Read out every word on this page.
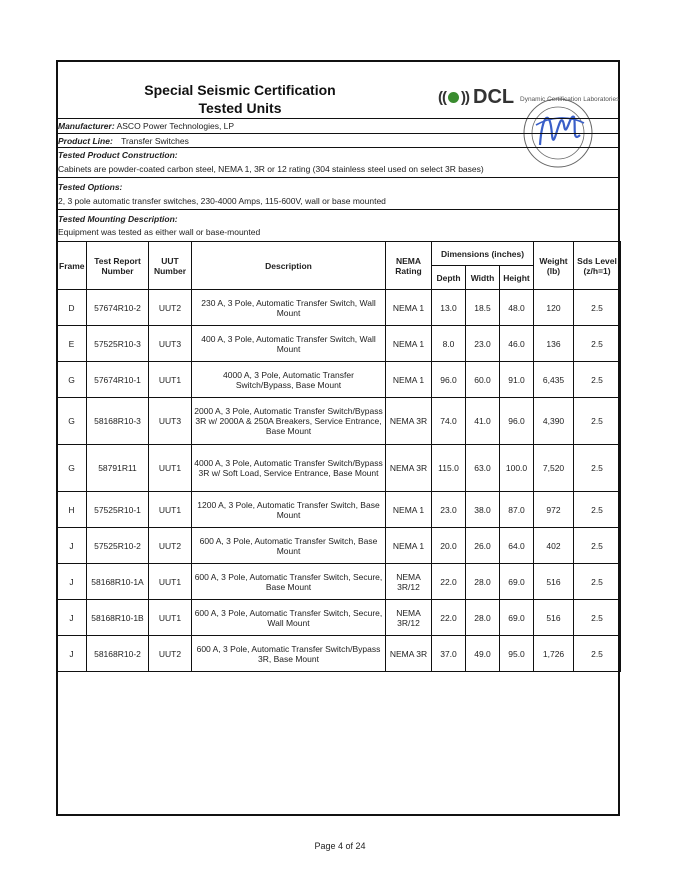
Special Seismic Certification
Tested Units
(( )) DCL Dynamic Certification Laboratories
Manufacturer: ASCO Power Technologies, LP
Product Line: Transfer Switches
Tested Product Construction:
Cabinets are powder-coated carbon steel, NEMA 1, 3R or 12 rating (304 stainless steel used on select 3R bases)
Tested Options:
2, 3 pole automatic transfer switches, 230-4000 Amps, 115-600V, wall or base mounted
Tested Mounting Description:
Equipment was tested as either wall or base-mounted
Frame	Test Report Number	UUT Number	Description	NEMA Rating	Dimensions (inches)			Weight (lb)	Sds Level (z/h=1)
					Depth	Width	Height		
D	57674R10-2	UUT2	230 A, 3 Pole, Automatic Transfer Switch, Wall Mount	NEMA 1	13.0	18.5	48.0	120	2.5
E	57525R10-3	UUT3	400 A, 3 Pole, Automatic Transfer Switch, Wall Mount	NEMA 1	8.0	23.0	46.0	136	2.5
G	57674R10-1	UUT1	4000 A, 3 Pole, Automatic Transfer Switch/Bypass, Base Mount	NEMA 1	96.0	60.0	91.0	6,435	2.5
G	58168R10-3	UUT3	2000 A, 3 Pole, Automatic Transfer Switch/Bypass 3R w/ 2000A & 250A Breakers, Service Entrance, Base Mount	NEMA 3R	74.0	41.0	96.0	4,390	2.5
G	58791R11	UUT1	4000 A, 3 Pole, Automatic Transfer Switch/Bypass 3R w/ Soft Load, Service Entrance, Base Mount	NEMA 3R	115.0	63.0	100.0	7,520	2.5
H	57525R10-1	UUT1	1200 A, 3 Pole, Automatic Transfer Switch, Base Mount	NEMA 1	23.0	38.0	87.0	972	2.5
J	57525R10-2	UUT2	600 A, 3 Pole, Automatic Transfer Switch, Base Mount	NEMA 1	20.0	26.0	64.0	402	2.5
J	58168R10-1A	UUT1	600 A, 3 Pole, Automatic Transfer Switch, Secure, Base Mount	NEMA 3R/12	22.0	28.0	69.0	516	2.5
J	58168R10-1B	UUT1	600 A, 3 Pole, Automatic Transfer Switch, Secure, Wall Mount	NEMA 3R/12	22.0	28.0	69.0	516	2.5
J	58168R10-2	UUT2	600 A, 3 Pole, Automatic Transfer Switch/Bypass 3R, Base Mount	NEMA 3R	37.0	49.0	95.0	1,726	2.5
Page 4 of 24
